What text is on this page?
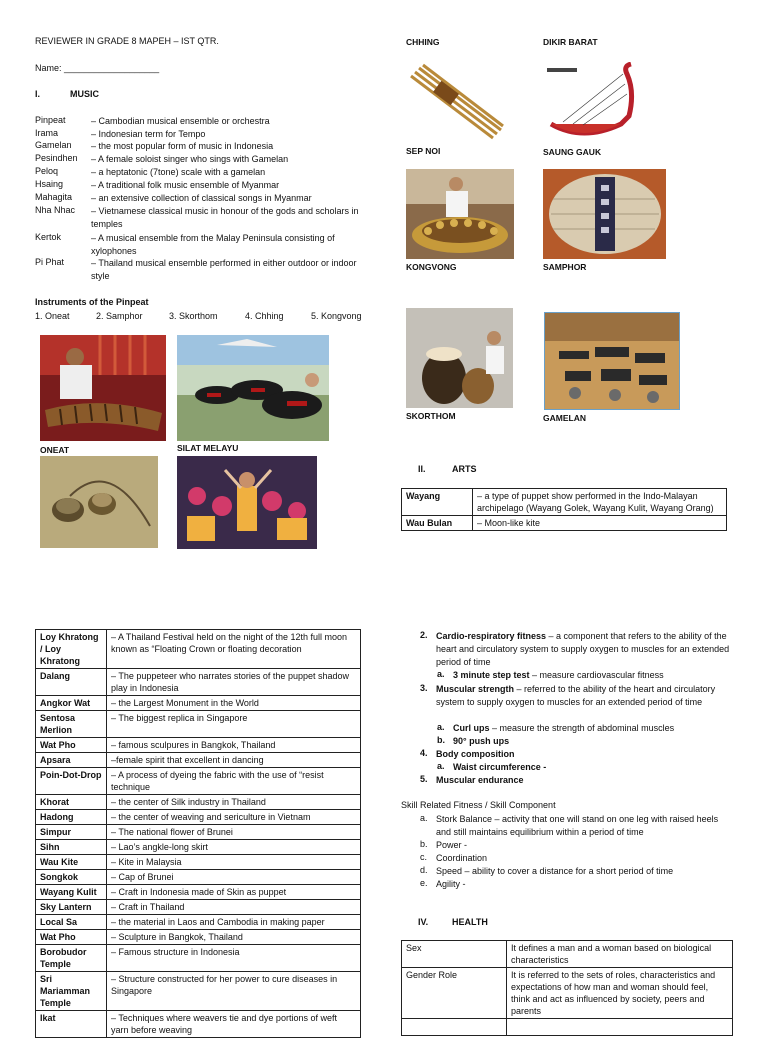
REVIEWER IN GRADE 8 MAPEH – IST QTR.
Name: ___________________
I.	MUSIC
Pinpeat	– Cambodian musical ensemble or orchestra
Irama	– Indonesian term for Tempo
Gamelan – the most popular form of music in Indonesia
Pesindhen – A female soloist singer who sings with Gamelan
Peloq	– a heptatonic (7tone) scale with a gamelan
Hsaing	– A traditional folk music ensemble of Myanmar
Mahagita – an extensive collection of classical songs in Myanmar
Nha Nhac – Vietnamese classical music in honour of the gods and scholars in temples
Kertok	– A musical ensemble from the Malay Peninsula consisting of xylophones
Pi Phat	– Thailand musical ensemble performed in either outdoor or indoor style
Instruments of the Pinpeat
1. Oneat	2. Samphor	3. Skorthom	4. Chhing	5. Kongvong
ONEAT	SILAT MELAYU
CHHING	DIKIR BARAT
SEP NOI	SAUNG GAUK
KONGVONG	SAMPHOR
SKORTHOM	GAMELAN
II.	ARTS
Wayang	– a type of puppet show performed in the Indo-Malayan archipelago (Wayang Golek, Wayang Kulit, Wayang Orang)
Wau Bulan	– Moon-like kite
Loy Khratong / Loy Khratong	– A Thailand Festival held on the night of the 12th full moon known as “Floating Crown or floating decoration
Dalang	– The puppeteer who narrates stories of the puppet shadow play in Indonesia
Angkor Wat	– the Largest Monument in the World
Sentosa Merlion	– The biggest replica in Singapore
Wat Pho	– famous sculpures in Bangkok, Thailand
Apsara	–female spirit that excellent in dancing
Poin-Dot-Drop	– A process of dyeing the fabric with the use of “resist technique
Khorat	– the center of Silk industry in Thailand
Hadong	– the center of weaving and sericulture in Vietnam
Simpur	– The national flower of Brunei
Sihn	– Lao’s angkle-long skirt
Wau Kite	– Kite in Malaysia
Songkok	– Cap of Brunei
Wayang Kulit	– Craft in Indonesia made of Skin as puppet
Sky Lantern	– Craft in Thailand
Local Sa	– the material in Laos and Cambodia in making paper
Wat Pho	– Sculpture in Bangkok, Thailand
Borobudor Temple	– Famous structure in Indonesia
Sri Mariamman Temple	– Structure constructed for her power to cure diseases in Singapore
Ikat	– Techniques where weavers tie and dye portions of weft yarn before weaving
2. Cardio-respiratory fitness – a component that refers to the ability of the heart and circulatory system to supply oxygen to muscles for an extended period of time
a. 3 minute step test – measure cardiovascular fitness
3. Muscular strength – referred to the ability of the heart and circulatory system to supply oxygen to muscles for an extended period of time
a. Curl ups – measure the strength of abdominal muscles
b. 90° push ups
4. Body composition
a. Waist circumference -
5. Muscular endurance
Skill Related Fitness / Skill Component
a. Stork Balance – activity that one will stand on one leg with raised heels and still maintains equilibrium within a period of time
b. Power -
c. Coordination
d. Speed – ability to cover a distance for a short period of time
e. Agility -
IV.	HEALTH
Sex	It defines a man and a woman based on biological characteristics
Gender Role	It is referred to the sets of roles, characteristics and expectations of how man and woman should feel, think and act as influenced by society, peers and parents
